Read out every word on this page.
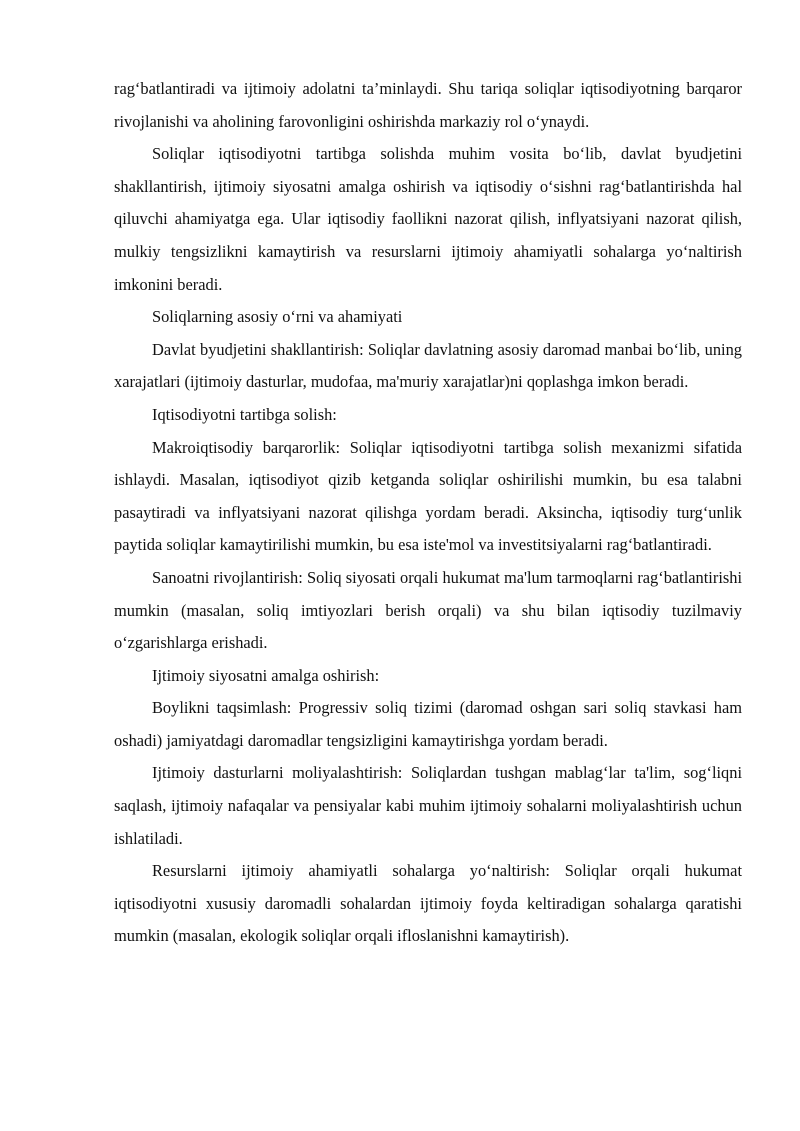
rag‘batlantiradi va ijtimoiy adolatni ta’minlaydi. Shu tariqa soliqlar iqtisodiyotning barqaror rivojlanishi va aholining farovonligini oshirishda markaziy rol o‘ynaydi.

Soliqlar iqtisodiyotni tartibga solishda muhim vosita bo‘lib, davlat byudjetini shakllantirish, ijtimoiy siyosatni amalga oshirish va iqtisodiy o‘sishni rag‘batlantirishda hal qiluvchi ahamiyatga ega. Ular iqtisodiy faollikni nazorat qilish, inflyatsiyani nazorat qilish, mulkiy tengsizlikni kamaytirish va resurslarni ijtimoiy ahamiyatli sohalarga yo‘naltirish imkonini beradi.

Soliqlarning asosiy o‘rni va ahamiyati

Davlat byudjetini shakllantirish: Soliqlar davlatning asosiy daromad manbai bo‘lib, uning xarajatlari (ijtimoiy dasturlar, mudofaa, ma'muriy xarajatlar)ni qoplashga imkon beradi.

Iqtisodiyotni tartibga solish:

Makroiqtisodiy barqarorlik: Soliqlar iqtisodiyotni tartibga solish mexanizmi sifatida ishlaydi. Masalan, iqtisodiyot qizib ketganda soliqlar oshirilishi mumkin, bu esa talabni pasaytiradi va inflyatsiyani nazorat qilishga yordam beradi. Aksincha, iqtisodiy turg‘unlik paytida soliqlar kamaytirilishi mumkin, bu esa iste'mol va investitsiyalarni rag‘batlantiradi.

Sanoatni rivojlantirish: Soliq siyosati orqali hukumat ma'lum tarmoqlarni rag‘batlantirishi mumkin (masalan, soliq imtiyozlari berish orqali) va shu bilan iqtisodiy tuzilmaviy o‘zgarishlarga erishadi.

Ijtimoiy siyosatni amalga oshirish:

Boylikni taqsimlash: Progressiv soliq tizimi (daromad oshgan sari soliq stavkasi ham oshadi) jamiyatdagi daromadlar tengsizligini kamaytirishga yordam beradi.

Ijtimoiy dasturlarni moliyalashtirish: Soliqlardan tushgan mablag‘lar ta'lim, sog‘liqni saqlash, ijtimoiy nafaqalar va pensiyalar kabi muhim ijtimoiy sohalarni moliyalashtirish uchun ishlatiladi.

Resurslarni ijtimoiy ahamiyatli sohalarga yo‘naltirish: Soliqlar orqali hukumat iqtisodiyotni xususiy daromadli sohalardan ijtimoiy foyda keltiradigan sohalarga qaratishi mumkin (masalan, ekologik soliqlar orqali ifloslanishni kamaytirish).
